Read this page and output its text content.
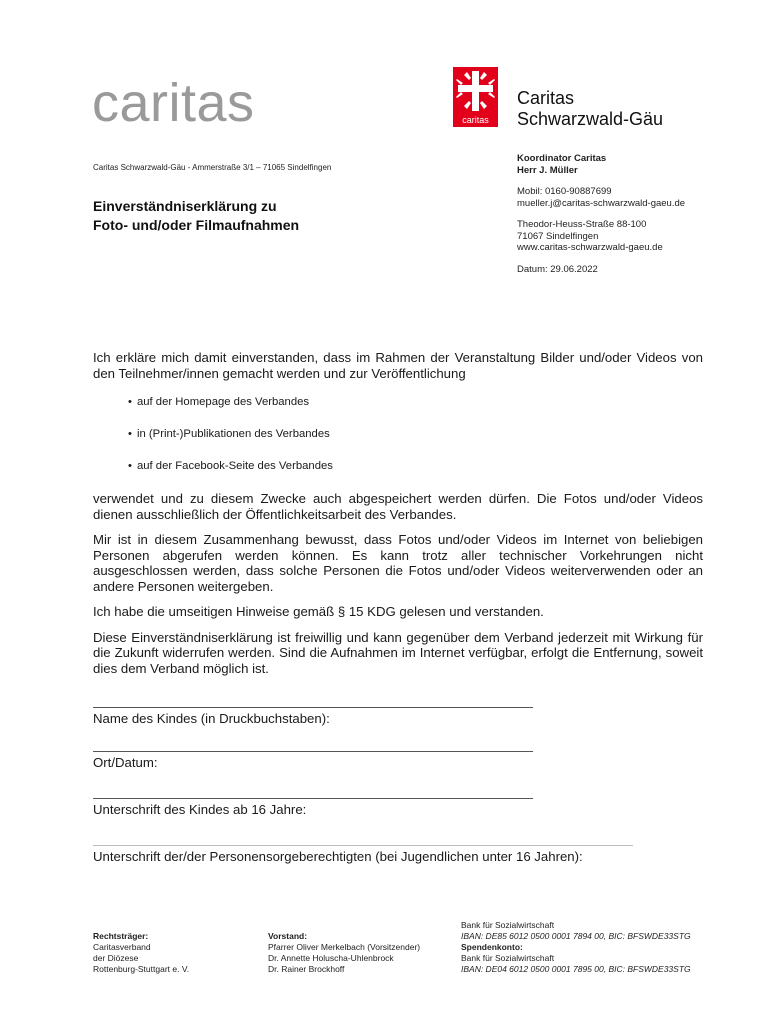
caritas	caritas
Caritas
Schwarzwald-Gäu
Caritas Schwarzwald-Gäu - Ammerstraße 3/1 – 71065 Sindelfingen
Einverständniserklärung zu
Foto- und/oder Filmaufnahmen
Koordinator Caritas
Herr J. Müller
Mobil: 0160-90887699
mueller.j@caritas-schwarzwald-gaeu.de
Theodor-Heuss-Straße 88-100
71067 Sindelfingen
www.caritas-schwarzwald-gaeu.de
Datum: 29.06.2022

Ich erkläre mich damit einverstanden, dass im Rahmen der Veranstaltung Bilder und/oder Videos von den Teilnehmer/innen gemacht werden und zur Veröffentlichung

• auf der Homepage des Verbandes
• in (Print-)Publikationen des Verbandes
• auf der Facebook-Seite des Verbandes

verwendet und zu diesem Zwecke auch abgespeichert werden dürfen. Die Fotos und/oder Videos dienen ausschließlich der Öffentlichkeitsarbeit des Verbandes.

Mir ist in diesem Zusammenhang bewusst, dass Fotos und/oder Videos im Internet von beliebigen Personen abgerufen werden können. Es kann trotz aller technischer Vorkehrungen nicht ausgeschlossen werden, dass solche Personen die Fotos und/oder Videos weiterverwenden oder an andere Personen weitergeben.

Ich habe die umseitigen Hinweise gemäß § 15 KDG gelesen und verstanden.

Diese Einverständniserklärung ist freiwillig und kann gegenüber dem Verband jederzeit mit Wirkung für die Zukunft widerrufen werden. Sind die Aufnahmen im Internet verfügbar, erfolgt die Entfernung, soweit dies dem Verband möglich ist.

Name des Kindes (in Druckbuchstaben):
Ort/Datum:
Unterschrift des Kindes ab 16 Jahre:
Unterschrift der/der Personensorgeberechtigten (bei Jugendlichen unter 16 Jahren):
Rechtsträger:
Caritasverband
der Diözese
Rottenburg-Stuttgart e. V.
Vorstand:
Pfarrer Oliver Merkelbach (Vorsitzender)
Dr. Annette Holuscha-Uhlenbrock
Dr. Rainer Brockhoff
Bank für Sozialwirtschaft
IBAN: DE85 6012 0500 0001 7894 00, BIC: BFSWDE33STG
Spendenkonto:
Bank für Sozialwirtschaft
IBAN: DE04 6012 0500 0001 7895 00, BIC: BFSWDE33STG
